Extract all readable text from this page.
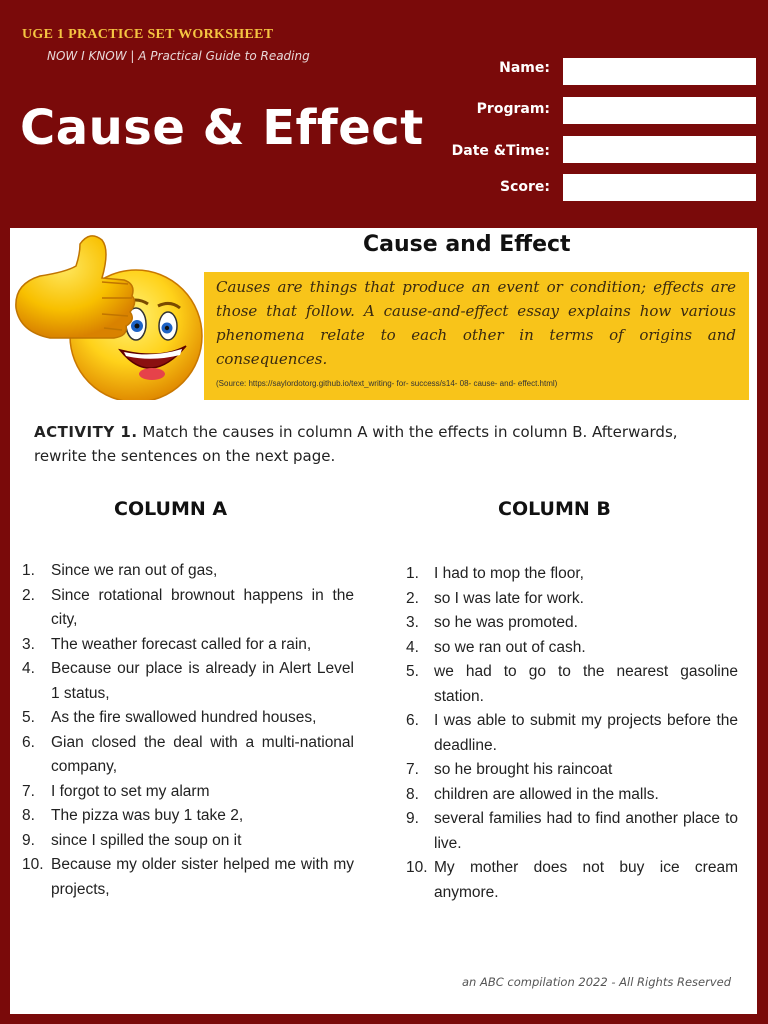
UGE 1 PRACTICE SET WORKSHEET
NOW I KNOW | A Practical Guide to Reading
Cause & Effect
Name:
Program:
Date &Time:
Score:
Cause and Effect
Causes are things that produce an event or condition; effects are those that follow. A cause-and-effect essay explains how various phenomena relate to each other in terms of origins and consequences.
(Source: https://saylordotorg.github.io/text_writing- for- success/s14- 08- cause- and- effect.html)
ACTIVITY 1. Match the causes in column A with the effects in column B. Afterwards, rewrite the sentences on the next page.
COLUMN A	COLUMN B
1.	Since we ran out of gas,
2.	Since rotational brownout happens in the city,
3.	The weather forecast called for a rain,
4.	Because our place is already in Alert Level 1 status,
5.	As the fire swallowed hundred houses,
6.	Gian closed the deal with a multi-national company,
7.	I forgot to set my alarm
8.	The pizza was buy 1 take 2,
9.	since I spilled the soup on it
10. Because my older sister helped me with my projects,
1. I had to mop the floor,
2. so I was late for work.
3. so he was promoted.
4. so we ran out of cash.
5. we had to go to the nearest gasoline station.
6. I was able to submit my projects before the deadline.
7. so he brought his raincoat
8. children are allowed in the malls.
9. several families had to find another place to live.
10. My mother does not buy ice cream anymore.
an ABC compilation 2022 - All Rights Reserved
